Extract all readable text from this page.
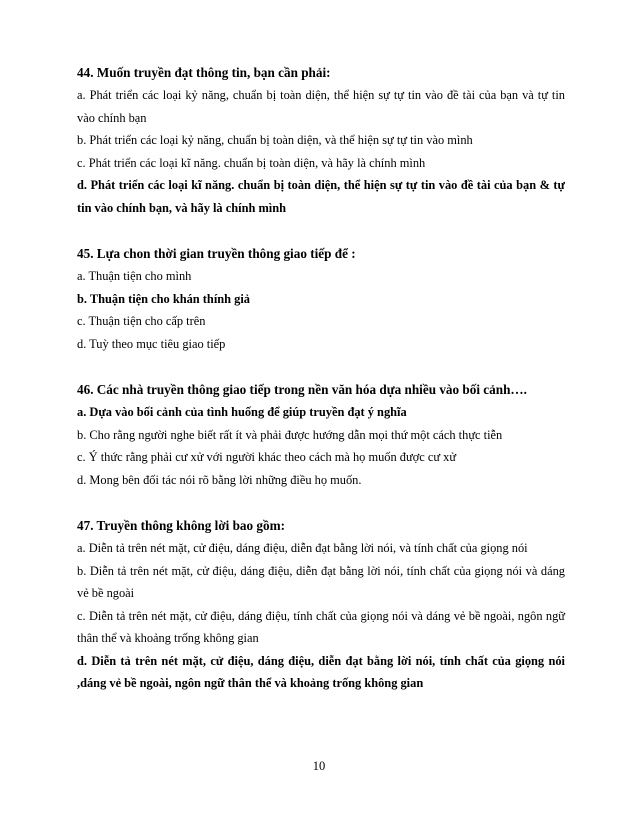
44. Muốn truyền đạt thông tin, bạn cần phải:

a. Phát triển các loại kỷ năng, chuẩn bị toàn diện, thể hiện sự tự tin vào đề tài của bạn và tự tin vào chính bạn

b. Phát triển các loại kỷ năng, chuẩn bị toàn diện, và thể hiện sự tự tin vào mình

c. Phát triển các loại kĩ năng. chuẩn bị toàn diện, và hãy là chính mình

d. Phát triển các loại kĩ năng. chuẩn bị toàn diện, thể hiện sự tự tin vào đề tài của bạn & tự tin vào chính bạn, và hãy là chính mình

45. Lựa chon thời gian truyền thông giao tiếp để :

a. Thuận tiện cho mình

b. Thuận tiện cho khán thính giả

c. Thuận tiện cho cấp trên

d. Tuỳ theo mục tiêu giao tiếp

46. Các nhà truyền thông giao tiếp trong nền văn hóa dựa nhiều vào bối cảnh….

a. Dựa vào bối cảnh của tình huống để giúp truyền đạt ý nghĩa

b. Cho rằng người nghe biết rất ít và phải được hướng dẫn mọi thứ một cách thực tiễn

c. Ý thức rằng phải cư xử với người khác theo cách mà họ muốn được cư xử

d. Mong bên đối tác nói rõ bằng lời những điều họ muốn.

47. Truyền thông không lời bao gồm:

a. Diễn tả trên nét mặt, cử điệu, dáng điệu, diễn đạt bằng lời nói, và tính chất của giọng nói

b. Diễn tả trên nét mặt, cử điệu, dáng điệu, diễn đạt bằng lời nói, tính chất của giọng nói và dáng vẻ bề ngoài

c. Diễn tả trên nét mặt, cử điệu, dáng điệu, tính chất của giọng nói và dáng vẻ bề ngoài, ngôn ngữ thân thể và khoảng trống không gian

d. Diễn tả trên nét mặt, cử điệu, dáng điệu, diễn đạt bằng lời nói, tính chất của giọng nói ,dáng vẻ bề ngoài, ngôn ngữ thân thể và khoảng trống không gian

10
